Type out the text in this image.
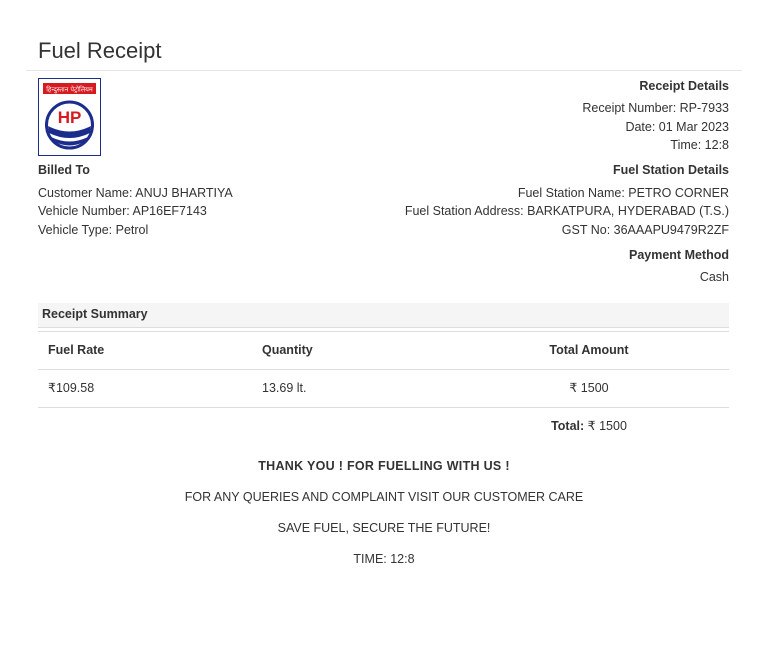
Fuel Receipt
हिन्दुस्तान पेट्रोलियम
HP
Receipt Details
Receipt Number: RP-7933
Date: 01 Mar 2023
Time: 12:8
Billed To
Customer Name: ANUJ BHARTIYA
Vehicle Number: AP16EF7143
Vehicle Type: Petrol
Fuel Station Details
Fuel Station Name: PETRO CORNER
Fuel Station Address: BARKATPURA, HYDERABAD (T.S.)
GST No: 36AAAPU9479R2ZF
Payment Method
Cash
Receipt Summary
Fuel Rate	Quantity	Total Amount
₹109.58	13.69 lt.	₹ 1500
Total: ₹ 1500
THANK YOU ! FOR FUELLING WITH US !
FOR ANY QUERIES AND COMPLAINT VISIT OUR CUSTOMER CARE
SAVE FUEL, SECURE THE FUTURE!
TIME: 12:8
